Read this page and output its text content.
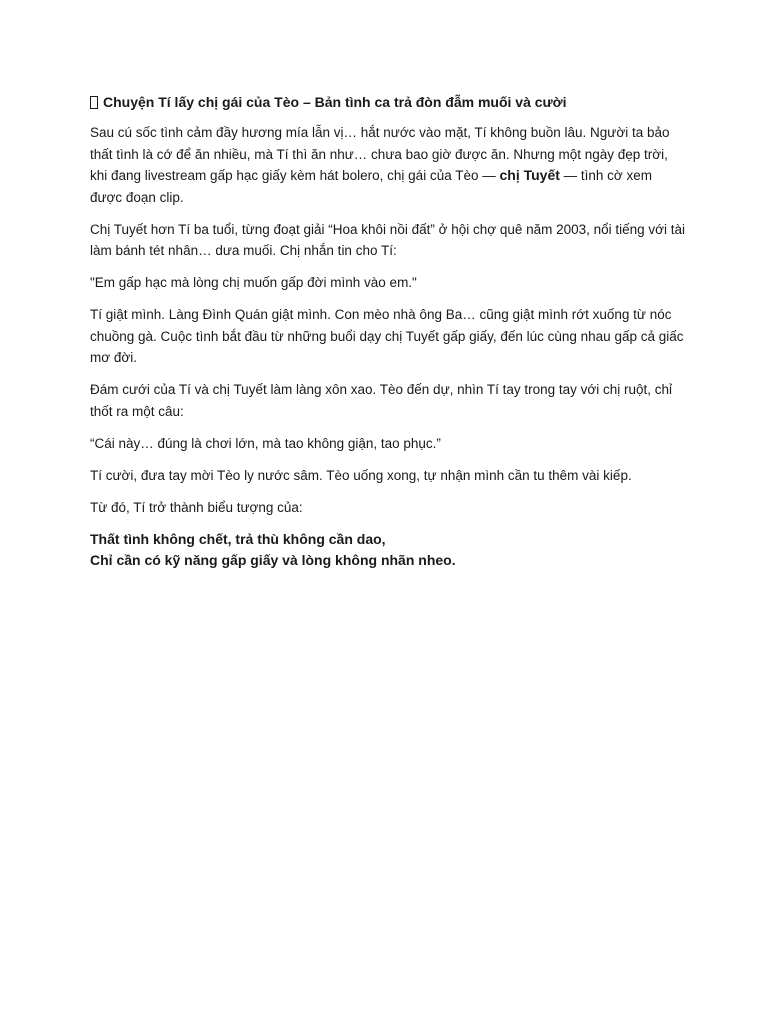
Chuyện Tí lấy chị gái của Tèo – Bản tình ca trả đòn đẫm muối và cười

Sau cú sốc tình cảm đầy hương mía lẫn vị… hắt nước vào mặt, Tí không buồn lâu. Người ta bảo thất tình là cớ để ăn nhiều, mà Tí thì ăn như… chưa bao giờ được ăn. Nhưng một ngày đẹp trời, khi đang livestream gấp hạc giấy kèm hát bolero, chị gái của Tèo — chị Tuyết — tình cờ xem được đoạn clip.

Chị Tuyết hơn Tí ba tuổi, từng đoạt giải “Hoa khôi nồi đất” ở hội chợ quê năm 2003, nổi tiếng với tài làm bánh tét nhân… dưa muối. Chị nhắn tin cho Tí:

"Em gấp hạc mà lòng chị muốn gấp đời mình vào em."

Tí giật mình. Làng Đình Quán giật mình. Con mèo nhà ông Ba… cũng giật mình rớt xuống từ nóc chuồng gà. Cuộc tình bắt đầu từ những buổi dạy chị Tuyết gấp giấy, đến lúc cùng nhau gấp cả giấc mơ đời.

Đám cưới của Tí và chị Tuyết làm làng xôn xao. Tèo đến dự, nhìn Tí tay trong tay với chị ruột, chỉ thốt ra một câu:

“Cái này… đúng là chơi lớn, mà tao không giận, tao phục.”

Tí cười, đưa tay mời Tèo ly nước sâm. Tèo uống xong, tự nhận mình cần tu thêm vài kiếp.

Từ đó, Tí trở thành biểu tượng của:

Thất tình không chết, trả thù không cần dao,
Chỉ cần có kỹ năng gấp giấy và lòng không nhãn nheo.
